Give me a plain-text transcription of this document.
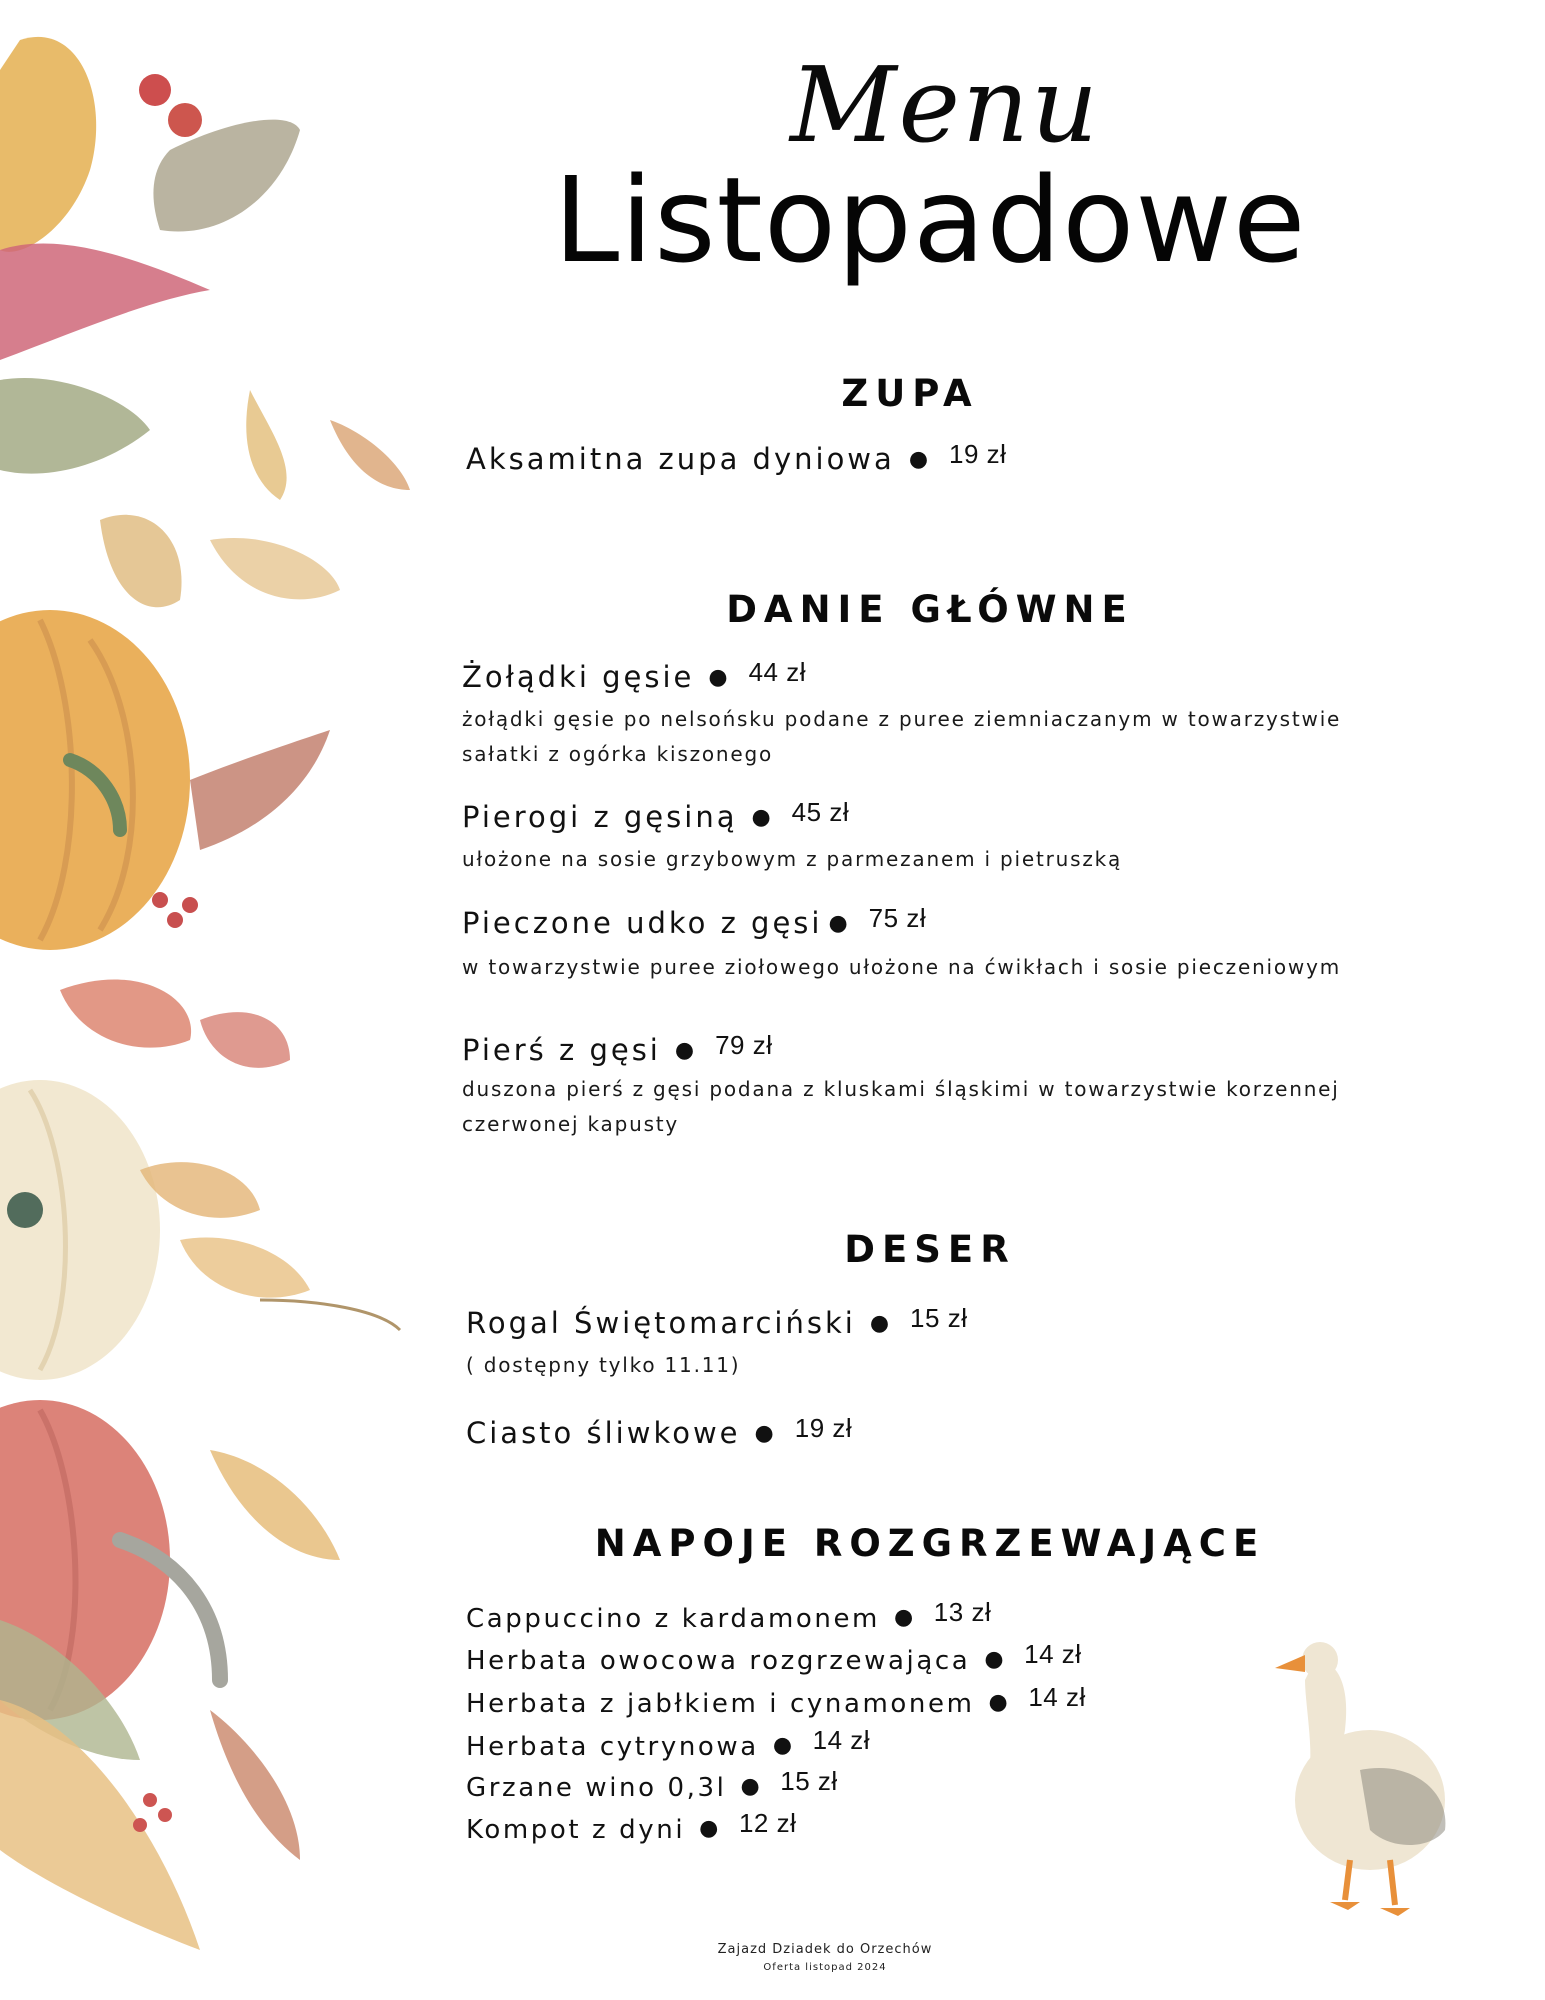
Menu
Listopadowe
ZUPA
Aksamitna zupa dyniowa ● 19 zł
DANIE GŁÓWNE
Żołądki gęsie ● 44 zł
żołądki gęsie po nelsońsku podane z puree ziemniaczanym w towarzystwie
sałatki z ogórka kiszonego
Pierogi z gęsiną ● 45 zł
ułożone na sosie grzybowym z parmezanem i pietruszką
Pieczone udko z gęsi ● 75 zł
w towarzystwie puree ziołowego ułożone na ćwikłach i sosie pieczeniowym
Pierś z gęsi ● 79 zł
duszona pierś z gęsi podana z kluskami śląskimi w towarzystwie korzennej
czerwonej kapusty
DESER
Rogal Świętomarciński ● 15 zł
( dostępny tylko 11.11)
Ciasto śliwkowe ● 19 zł
NAPOJE ROZGRZEWAJĄCE
Cappuccino z kardamonem ● 13 zł
Herbata owocowa rozgrzewająca ● 14 zł
Herbata z jabłkiem i cynamonem ● 14 zł
Herbata cytrynowa ● 14 zł
Grzane wino 0,3l ● 15 zł
Kompot z dyni ● 12 zł
Zajazd Dziadek do Orzechów
Oferta listopad 2024
